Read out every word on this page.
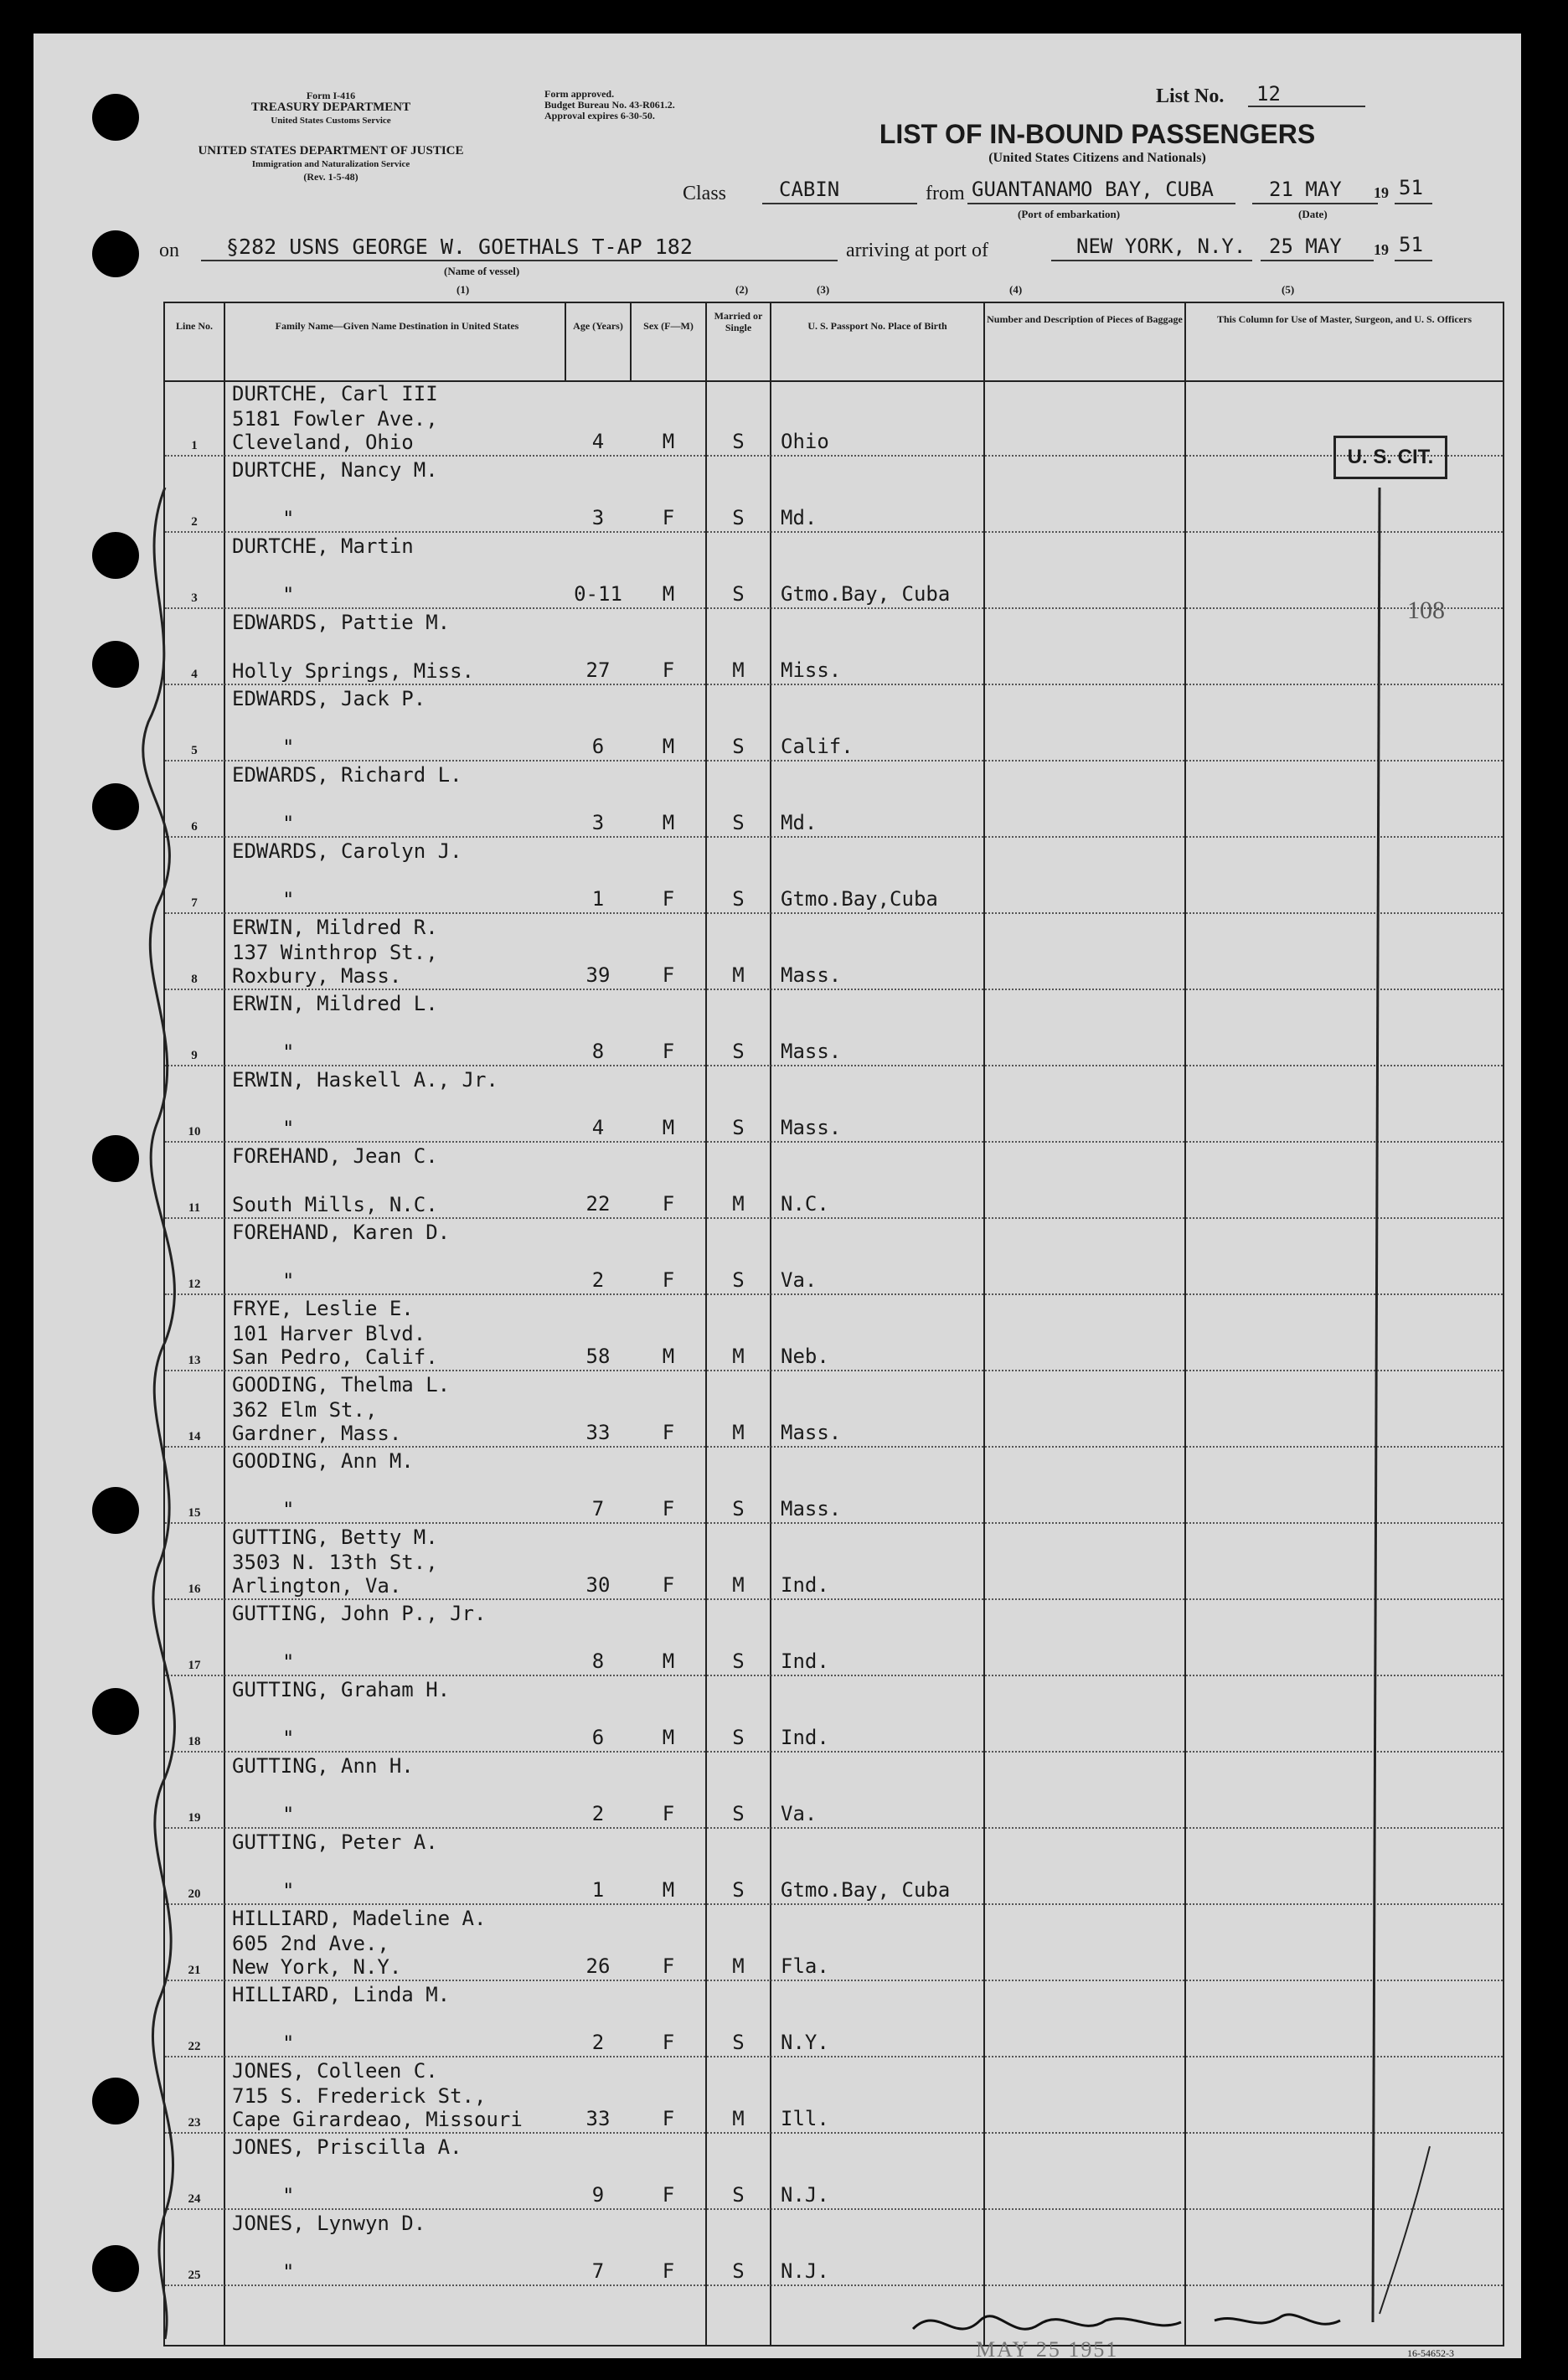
Form I-416
TREASURY DEPARTMENT
United States Customs Service
UNITED STATES DEPARTMENT OF JUSTICE
Immigration and Naturalization Service
(Rev. 1-5-48)
Form approved.
Budget Bureau No. 43-R061.2.
Approval expires 6-30-50.
List No. 12
LIST OF IN-BOUND PASSENGERS
(United States Citizens and Nationals)
Class	CABIN	from GUANTANAMO BAY, CUBA
(Port of embarkation)
21 MAY 19 51
(Date)
on §282 USNS GEORGE W. GOETHALS T-AP 182
(Name of vessel)
arriving at port of	NEW YORK, N.Y. 25 MAY 19 51
(1)	(2)	(3)	(4)	(5)
Line No.	Family Name—Given Name Destination in United States	Age (Years)	Sex (F—M)
Married or Single	U. S. Passport No. Place of Birth
Number and Description of Pieces of Baggage	This Column for Use of Master, Surgeon, and U. S. Officers
1
DURTCHE, Carl III
5181 Fowler Ave.,
Cleveland, Ohio	4	M	S	Ohio
2
DURTCHE, Nancy M.
"	3	F	S	Md.
3
DURTCHE, Martin
"	0-11	M	S	Gtmo.Bay, Cuba
4
EDWARDS, Pattie M.
Holly Springs, Miss.	27	F	M	Miss.
5
EDWARDS, Jack P.
"	6	M	S	Calif.
6
EDWARDS, Richard L.
"	3	M	S	Md.
7
EDWARDS, Carolyn J.
"	1	F	S	Gtmo.Bay,Cuba
8
ERWIN, Mildred R.
137 Winthrop St.,
Roxbury, Mass.	39	F	M	Mass.
9
ERWIN, Mildred L.
"	8	F	S	Mass.
10
ERWIN, Haskell A., Jr.
"	4	M	S	Mass.
11
FOREHAND, Jean C.
South Mills, N.C.	22	F	M	N.C.
12
FOREHAND, Karen D.
"	2	F	S	Va.
13
FRYE, Leslie E.
101 Harver Blvd.
San Pedro, Calif.	58	M	M	Neb.
14
GOODING, Thelma L.
362 Elm St.,
Gardner, Mass.	33	F	M	Mass.
15
GOODING, Ann M.
"	7	F	S	Mass.
16
GUTTING, Betty M.
3503 N. 13th St.,
Arlington, Va.	30	F	M	Ind.
17
GUTTING, John P., Jr.
"	8	M	S	Ind.
18
GUTTING, Graham H.
"	6	M	S	Ind.
19
GUTTING, Ann H.
"	2	F	S	Va.
20
GUTTING, Peter A.
"	1	M	S	Gtmo.Bay, Cuba
21
HILLIARD, Madeline A.
605 2nd Ave.,
New York, N.Y.	26	F	M	Fla.
22
HILLIARD, Linda M.
"	2	F	S	N.Y.
23
JONES, Colleen C.
715 S. Frederick St.,
Cape Girardeao, Missouri	33	F	M	Ill.
24
JONES, Priscilla A.
"	9	F	S	N.J.
25
JONES, Lynwyn D.
"	7	F	S	N.J.
U. S. CIT.
108
MAY 25 1951	16-54652-3
